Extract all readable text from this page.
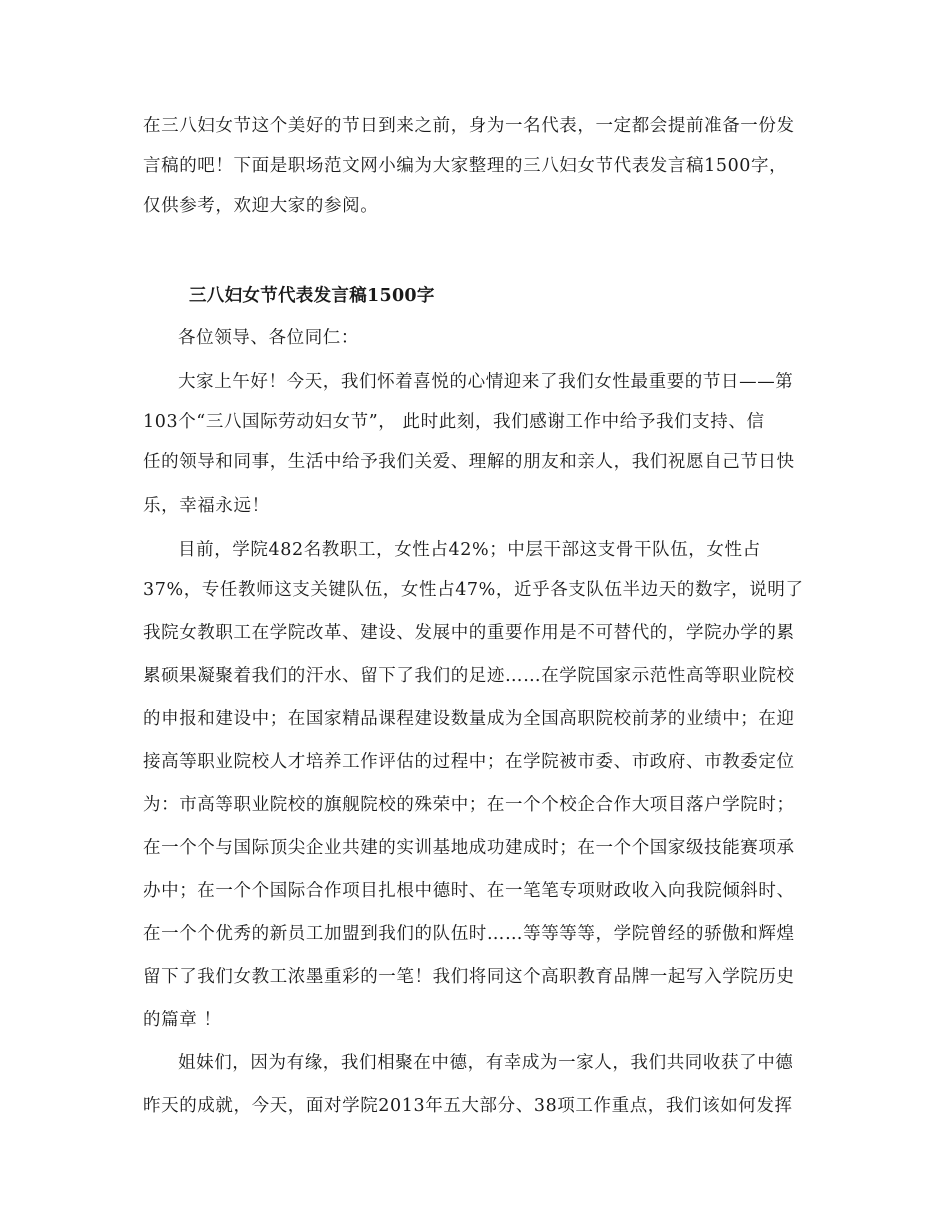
在三八妇女节这个美好的节日到来之前，身为一名代表，一定都会提前准备一份发
言稿的吧！下面是职场范文网小编为大家整理的三八妇女节代表发言稿1500字，
仅供参考，欢迎大家的参阅。
三八妇女节代表发言稿1500字
各位领导、各位同仁：
大家上午好！今天，我们怀着喜悦的心情迎来了我们女性最重要的节日——第
103个“三八国际劳动妇女节”， 此时此刻，我们感谢工作中给予我们支持、信
任的领导和同事，生活中给予我们关爱、理解的朋友和亲人，我们祝愿自己节日快
乐，幸福永远！
目前，学院482名教职工，女性占42%；中层干部这支骨干队伍，女性占
37%，专任教师这支关键队伍，女性占47%，近乎各支队伍半边天的数字，说明了
我院女教职工在学院改革、建设、发展中的重要作用是不可替代的，学院办学的累
累硕果凝聚着我们的汗水、留下了我们的足迹……在学院国家示范性高等职业院校
的申报和建设中；在国家精品课程建设数量成为全国高职院校前茅的业绩中；在迎
接高等职业院校人才培养工作评估的过程中；在学院被市委、市政府、市教委定位
为：市高等职业院校的旗舰院校的殊荣中；在一个个校企合作大项目落户学院时；
在一个个与国际顶尖企业共建的实训基地成功建成时；在一个个国家级技能赛项承
办中；在一个个国际合作项目扎根中德时、在一笔笔专项财政收入向我院倾斜时、
在一个个优秀的新员工加盟到我们的队伍时……等等等等，学院曾经的骄傲和辉煌
留下了我们女教工浓墨重彩的一笔！我们将同这个高职教育品牌一起写入学院历史
的篇章 ！
姐妹们，因为有缘，我们相聚在中德，有幸成为一家人，我们共同收获了中德
昨天的成就，今天，面对学院2013年五大部分、38项工作重点，我们该如何发挥
